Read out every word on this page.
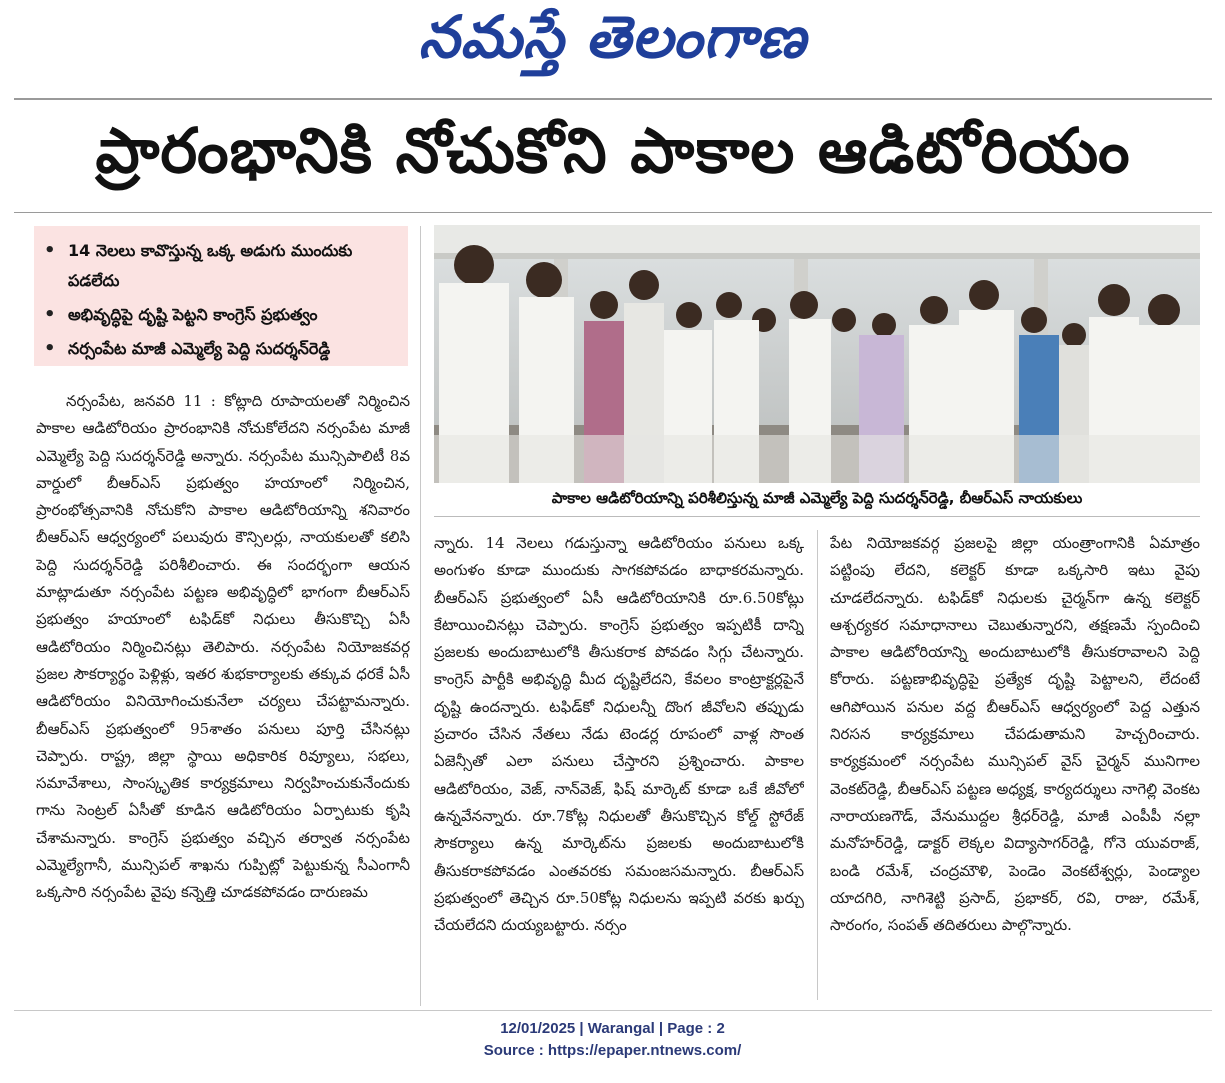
నమస్తే తెలంగాణ
ప్రారంభానికి నోచుకోని పాకాల ఆడిటోరియం
• 14 నెలలు కావొస్తున్న ఒక్క అడుగు ముందుకు పడలేదు
• అభివృద్ధిపై దృష్టి పెట్టని కాంగ్రెస్ ప్రభుత్వం
• నర్సంపేట మాజీ ఎమ్మెల్యే పెద్ది సుదర్శన్‌రెడ్డి
పాకాల ఆడిటోరియాన్ని పరిశీలిస్తున్న మాజీ ఎమ్మెల్యే పెద్ది సుదర్శన్‌రెడ్డి, బీఆర్‌ఎస్ నాయకులు
నర్సంపేట, జనవరి 11 : కోట్లాది రూపాయలతో నిర్మించిన పాకాల ఆడిటోరియం ప్రారంభానికి నోచుకోలేదని నర్సంపేట మాజీ ఎమ్మెల్యే పెద్ది సుదర్శన్‌రెడ్డి అన్నారు. నర్సంపేట మున్సిపాలిటీ 8వ వార్డులో బీఆర్‌ఎస్ ప్రభుత్వం హయాంలో నిర్మించిన, ప్రారంభోత్సవానికి నోచుకోని పాకాల ఆడిటోరియాన్ని శనివారం బీఆర్‌ఎస్ ఆధ్వర్యంలో పలువురు కౌన్సిలర్లు, నాయకులతో కలిసి పెద్ది సుదర్శన్‌రెడ్డి పరిశీలించారు. ఈ సందర్భంగా ఆయన మాట్లాడుతూ నర్సంపేట పట్టణ అభివృద్ధిలో భాగంగా బీఆర్‌ఎస్ ప్రభుత్వం హయాంలో టఫిడ్‌కో నిధులు తీసుకొచ్చి ఏసీ ఆడిటోరియం నిర్మించినట్లు తెలిపారు. నర్సంపేట నియోజకవర్గ ప్రజల సౌకర్యార్థం పెళ్లిళ్లు, ఇతర శుభకార్యాలకు తక్కువ ధరకే ఏసీ ఆడిటోరియం వినియోగించుకునేలా చర్యలు చేపట్టామన్నారు. బీఆర్‌ఎస్ ప్రభుత్వంలో 95శాతం పనులు పూర్తి చేసినట్లు చెప్పారు. రాష్ట్ర, జిల్లా స్థాయి అధికారిక రివ్యూలు, సభలు, సమావేశాలు, సాంస్కృతిక కార్యక్రమాలు నిర్వహించుకునేందుకు గాను సెంట్రల్ ఏసీతో కూడిన ఆడిటోరియం ఏర్పాటుకు కృషి చేశామన్నారు. కాంగ్రెస్ ప్రభుత్వం వచ్చిన తర్వాత నర్సంపేట ఎమ్మెల్యేగానీ, మున్సిపల్ శాఖను గుప్పిట్లో పెట్టుకున్న సీఎంగానీ ఒక్కసారి నర్సంపేట వైపు కన్నెత్తి చూడకపోవడం దారుణమ
న్నారు. 14 నెలలు గడుస్తున్నా ఆడిటోరియం పనులు ఒక్క అంగుళం కూడా ముందుకు సాగకపోవడం బాధాకరమన్నారు. బీఆర్‌ఎస్ ప్రభుత్వంలో ఏసీ ఆడిటోరియానికి రూ.6.50కోట్లు కేటాయించినట్లు చెప్పారు. కాంగ్రెస్ ప్రభుత్వం ఇప్పటికీ దాన్ని ప్రజలకు అందుబాటులోకి తీసుకరాక పోవడం సిగ్గు చేటన్నారు. కాంగ్రెస్ పార్టీకి అభివృద్ధి మీద దృష్టిలేదని, కేవలం కాంట్రాక్టర్లపైనే దృష్టి ఉందన్నారు. టఫిడ్‌కో నిధులన్నీ దొంగ జీవోలని తప్పుడు ప్రచారం చేసిన నేతలు నేడు టెండర్ల రూపంలో వాళ్ల సొంత ఏజెన్సీతో ఎలా పనులు చేస్తారని ప్రశ్నించారు. పాకాల ఆడిటోరియం, వెజ్, నాన్‌వెజ్, ఫిష్ మార్కెట్ కూడా ఒకే జీవోలో ఉన్నవేనన్నారు. రూ.7కోట్ల నిధులతో తీసుకొచ్చిన కోల్డ్ స్టోరేజ్ సౌకర్యాలు ఉన్న మార్కెట్‌ను ప్రజలకు అందుబాటులోకి తీసుకరాకపోవడం ఎంతవరకు సమంజసమన్నారు. బీఆర్‌ఎస్ ప్రభుత్వంలో తెచ్చిన రూ.50కోట్ల నిధులను ఇప్పటి వరకు ఖర్చు చేయలేదని దుయ్యబట్టారు. నర్సం
పేట నియోజకవర్గ ప్రజలపై జిల్లా యంత్రాంగానికి ఏమాత్రం పట్టింపు లేదని, కలెక్టర్ కూడా ఒక్కసారి ఇటు వైపు చూడలేదన్నారు. టఫిడ్‌కో నిధులకు చైర్మన్‌గా ఉన్న కలెక్టర్ ఆశ్చర్యకర సమాధానాలు చెబుతున్నారని, తక్షణమే స్పందించి పాకాల ఆడిటోరియాన్ని అందుబాటులోకి తీసుకరావాలని పెద్ది కోరారు. పట్టణాభివృద్ధిపై ప్రత్యేక దృష్టి పెట్టాలని, లేదంటే ఆగిపోయిన పనుల వద్ద బీఆర్‌ఎస్ ఆధ్వర్యంలో పెద్ద ఎత్తున నిరసన కార్యక్రమాలు చేపడుతామని హెచ్చరించారు. కార్యక్రమంలో నర్సంపేట మున్సిపల్ వైస్ చైర్మన్ మునిగాల వెంకట్‌రెడ్డి, బీఆర్‌ఎస్ పట్టణ అధ్యక్ష, కార్యదర్శులు నాగెల్లి వెంకట నారాయణగౌడ్, వేనుముద్దల శ్రీధర్‌రెడ్డి, మాజీ ఎంపీపీ నల్లా మనోహర్‌రెడ్డి, డాక్టర్ లెక్కల విద్యాసాగర్‌రెడ్డి, గోనె యువరాజ్, బండి రమేశ్, చంద్రమౌళి, పెండెం వెంకటేశ్వర్లు, పెండ్యాల యాదగిరి, నాగిశెట్టి ప్రసాద్, ప్రభాకర్, రవి, రాజు, రమేశ్, సారంగం, సంపత్ తదితరులు పాల్గొన్నారు.
12/01/2025 | Warangal | Page : 2
Source : https://epaper.ntnews.com/
